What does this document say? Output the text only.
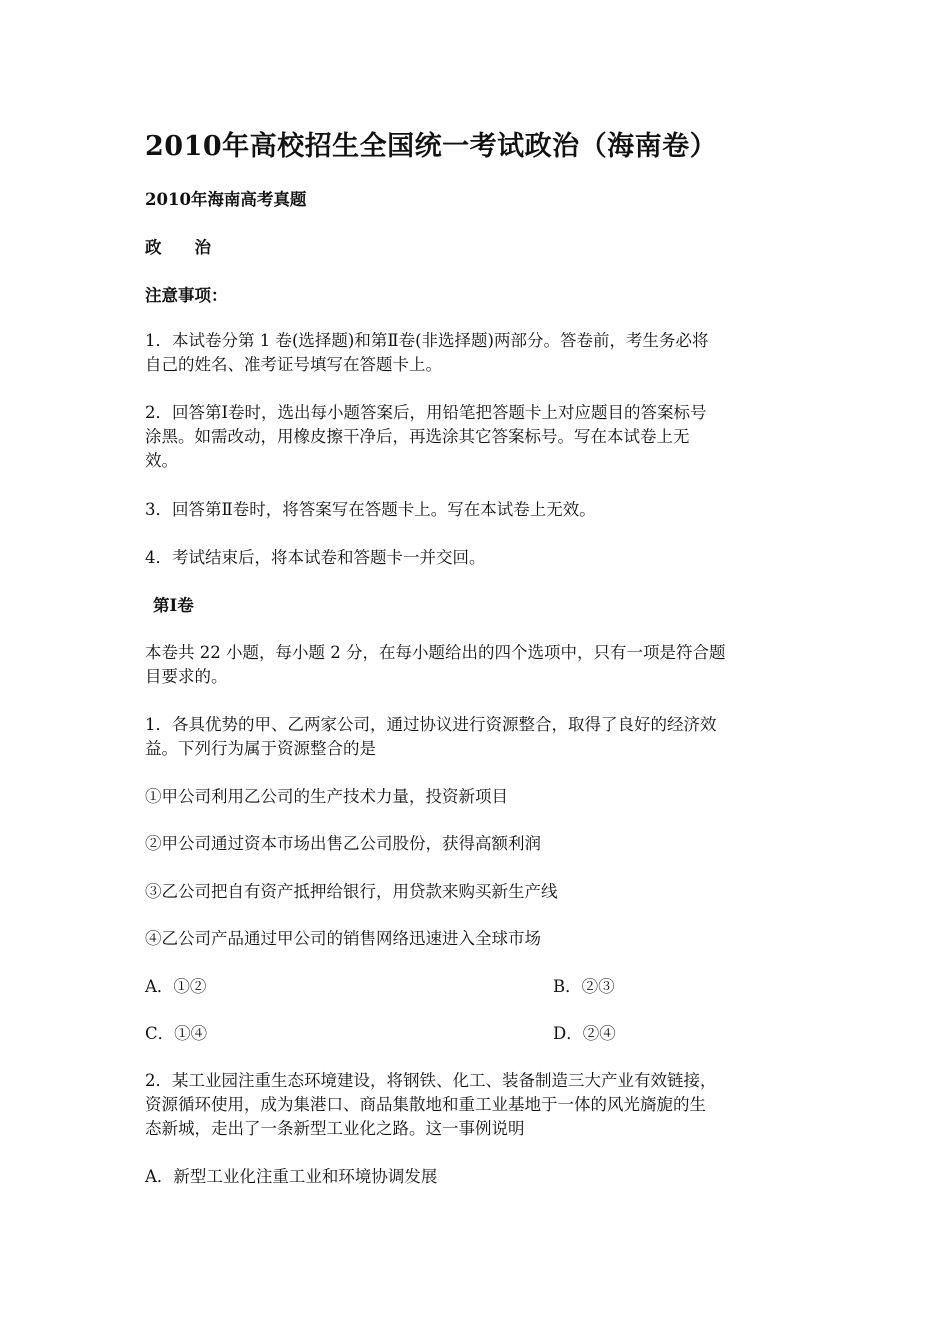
2010年高校招生全国统一考试政治（海南卷）
2010年海南高考真题
政　　治
注意事项：
1．本试卷分第 1 卷(选择题)和第Ⅱ卷(非选择题)两部分。答卷前，考生务必将
自己的姓名、准考证号填写在答题卡上。
2．回答第Ⅰ卷时，选出每小题答案后，用铅笔把答题卡上对应题目的答案标号
涂黑。如需改动，用橡皮擦干净后，再选涂其它答案标号。写在本试卷上无
效。
3．回答第Ⅱ卷时，将答案写在答题卡上。写在本试卷上无效。
4．考试结束后，将本试卷和答题卡一并交回。
第Ⅰ卷
本卷共 22 小题，每小题 2 分，在每小题给出的四个选项中，只有一项是符合题
目要求的。
1．各具优势的甲、乙两家公司，通过协议进行资源整合，取得了良好的经济效
益。下列行为属于资源整合的是
①甲公司利用乙公司的生产技术力量，投资新项目
②甲公司通过资本市场出售乙公司股份，获得高额利润
③乙公司把自有资产抵押给银行，用贷款来购买新生产线
④乙公司产品通过甲公司的销售网络迅速进入全球市场
A．①②	B．②③
C．①④	D．②④
2．某工业园注重生态环境建设，将钢铁、化工、装备制造三大产业有效链接，
资源循环使用，成为集港口、商品集散地和重工业基地于一体的风光旖旎的生
态新城，走出了一条新型工业化之路。这一事例说明
A．新型工业化注重工业和环境协调发展
